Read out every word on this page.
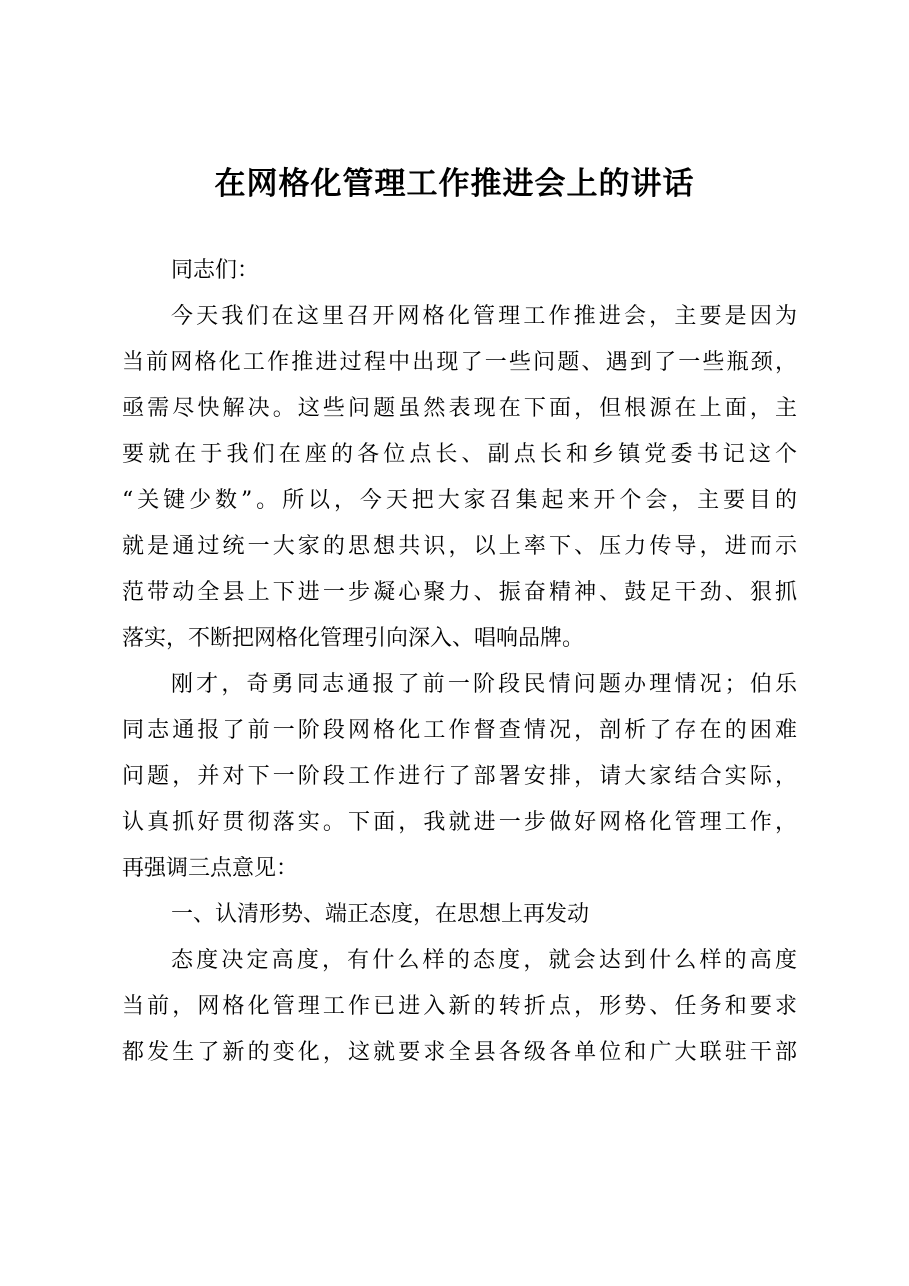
在网格化管理工作推进会上的讲话
同志们：
今天我们在这里召开网格化管理工作推进会，主要是因为
当前网格化工作推进过程中出现了一些问题、遇到了一些瓶颈，
亟需尽快解决。这些问题虽然表现在下面，但根源在上面，主
要就在于我们在座的各位点长、副点长和乡镇党委书记这个
“关键少数”。所以，今天把大家召集起来开个会，主要目的
就是通过统一大家的思想共识，以上率下、压力传导，进而示
范带动全县上下进一步凝心聚力、振奋精神、鼓足干劲、狠抓
落实，不断把网格化管理引向深入、唱响品牌。
刚才，奇勇同志通报了前一阶段民情问题办理情况；伯乐
同志通报了前一阶段网格化工作督查情况，剖析了存在的困难
问题，并对下一阶段工作进行了部署安排，请大家结合实际，
认真抓好贯彻落实。下面，我就进一步做好网格化管理工作，
再强调三点意见：
一、认清形势、端正态度，在思想上再发动
态度决定高度，有什么样的态度，就会达到什么样的高度
当前，网格化管理工作已进入新的转折点，形势、任务和要求
都发生了新的变化，这就要求全县各级各单位和广大联驻干部
